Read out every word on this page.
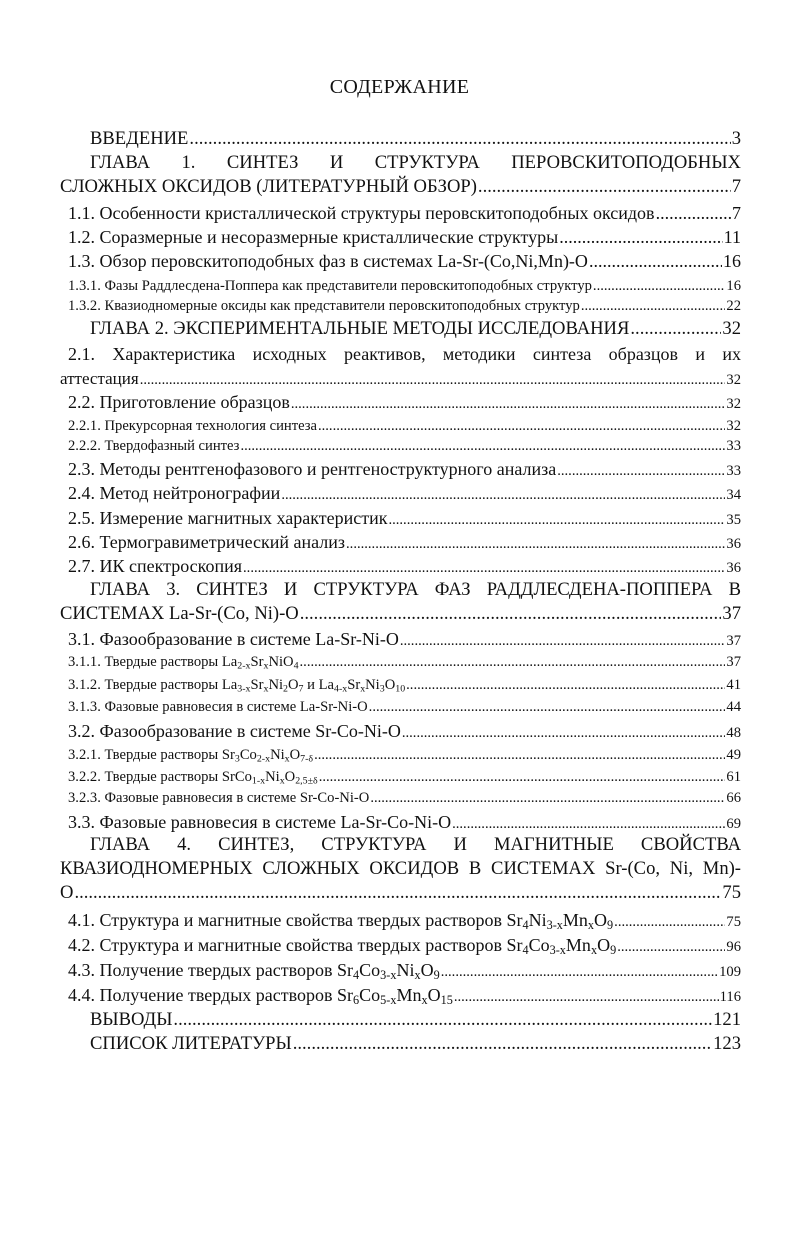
СОДЕРЖАНИЕ
ВВЕДЕНИЕ .....	3
ГЛАВА 1. СИНТЕЗ И СТРУКТУРА ПЕРОВСКИТОПОДОБНЫХ
СЛОЖНЫХ ОКСИДОВ (ЛИТЕРАТУРНЫЙ ОБЗОР) .....	7
1.1. Особенности кристаллической структуры перовскитоподобных оксидов .....	7
1.2. Соразмерные и несоразмерные кристаллические структуры .....	11
1.3. Обзор перовскитоподобных фаз в системах La-Sr-(Co,Ni,Mn)-O .....	16
1.3.1. Фазы Раддлесдена-Поппера как представители перовскитоподобных структур .....	16
1.3.2. Квазиодномерные оксиды как представители перовскитоподобных структур .....	22
ГЛАВА 2. ЭКСПЕРИМЕНТАЛЬНЫЕ МЕТОДЫ ИССЛЕДОВАНИЯ .....	32
2.1. Характеристика исходных реактивов, методики синтеза образцов и их
аттестация .....	32
2.2. Приготовление образцов .....	32
2.2.1. Прекурсорная технология синтеза .....	32
2.2.2. Твердофазный синтез .....	33
2.3. Методы рентгенофазового и рентгеноструктурного анализа .....	33
2.4. Метод нейтронографии .....	34
2.5. Измерение магнитных характеристик .....	35
2.6. Термогравиметрический анализ .....	36
2.7. ИК спектроскопия .....	36
ГЛАВА 3. СИНТЕЗ И СТРУКТУРА ФАЗ РАДДЛЕСДЕНА-ПОППЕРА В
СИСТЕМАХ La-Sr-(Co, Ni)-O .....	37
3.1. Фазообразование в системе La-Sr-Ni-O .....	37
3.1.1. Твердые растворы $La_{2-x}Sr_xNiO_4$ .....	37
3.1.2. Твердые растворы $La_{3-x}Sr_xNi_2O_7$ и $La_{4-x}Sr_xNi_3O_{10}$ .....	41
3.1.3. Фазовые равновесия в системе La-Sr-Ni-O .....	44
3.2. Фазообразование в системе Sr-Co-Ni-O .....	48
3.2.1. Твердые растворы $Sr_3Co_{2-x}Ni_xO_{7-\delta}$ .....	49
3.2.2. Твердые растворы $SrCo_{1-x}Ni_xO_{2,5\pm\delta}$ .....	61
3.2.3. Фазовые равновесия в системе Sr-Co-Ni-O .....	66
3.3. Фазовые равновесия в системе La-Sr-Co-Ni-O .....	69
ГЛАВА 4. СИНТЕЗ, СТРУКТУРА И МАГНИТНЫЕ СВОЙСТВА
КВАЗИОДНОМЕРНЫХ СЛОЖНЫХ ОКСИДОВ В СИСТЕМАХ Sr-(Co, Ni, Mn)-
O .....	75
4.1. Структура и магнитные свойства твердых растворов $Sr_4Ni_{3-x}Mn_xO_9$ .....	75
4.2. Структура и магнитные свойства твердых растворов $Sr_4Co_{3-x}Mn_xO_9$ .....	96
4.3. Получение твердых растворов $Sr_4Co_{3-x}Ni_xO_9$ .....	109
4.4. Получение твердых растворов $Sr_6Co_{5-x}Mn_xO_{15}$ .....	116
ВЫВОДЫ .....	121
СПИСОК ЛИТЕРАТУРЫ .....	123
